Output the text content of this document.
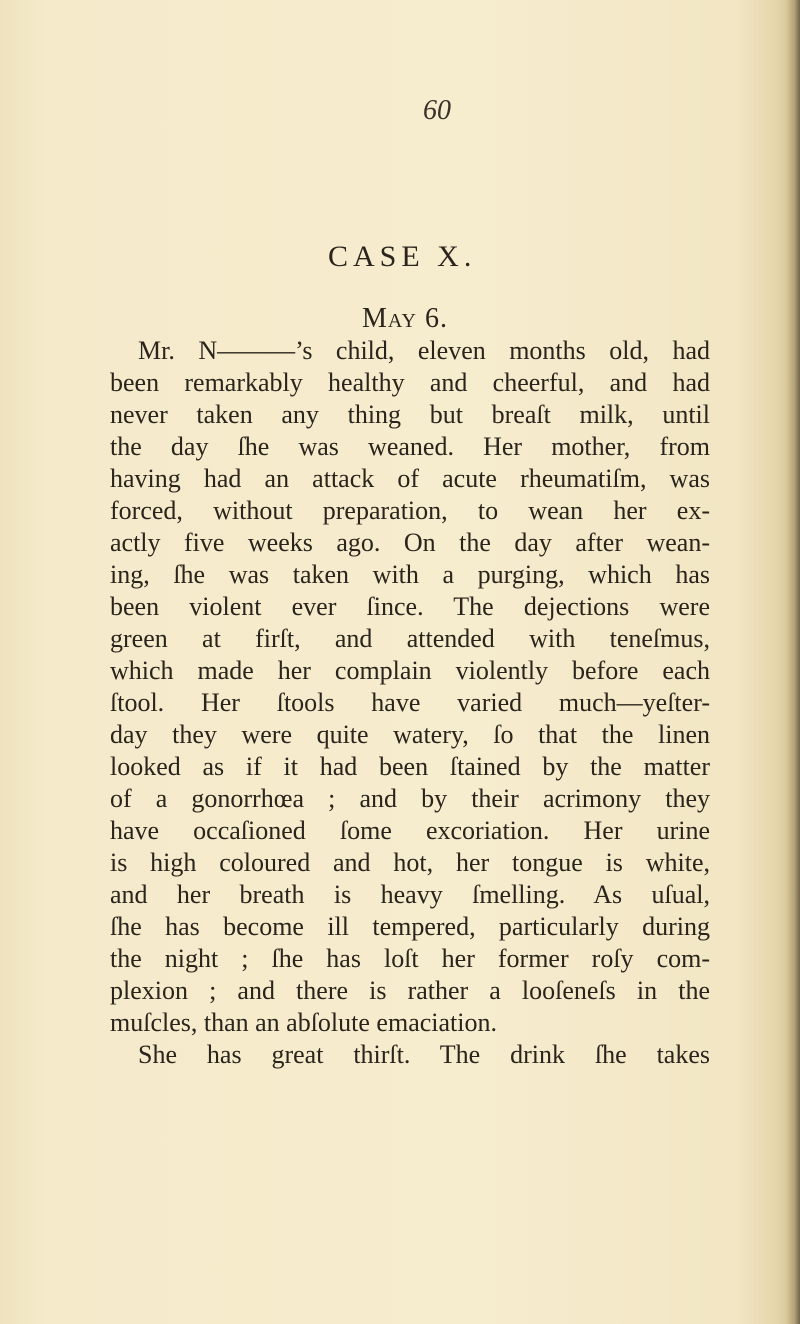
60
CASE X.
May 6.
Mr. N———’s child, eleven months old, had
been remarkably healthy and cheerful, and had
never taken any thing but breaſt milk, until
the day ſhe was weaned. Her mother, from
having had an attack of acute rheumatiſm, was
forced, without preparation, to wean her ex-
actly five weeks ago. On the day after wean-
ing, ſhe was taken with a purging, which has
been violent ever ſince. The dejections were
green at firſt, and attended with teneſmus,
which made her complain violently before each
ſtool. Her ſtools have varied much—yeſter-
day they were quite watery, ſo that the linen
looked as if it had been ſtained by the matter
of a gonorrhœa ; and by their acrimony they
have occaſioned ſome excoriation. Her urine
is high coloured and hot, her tongue is white,
and her breath is heavy ſmelling. As uſual,
ſhe has become ill tempered, particularly during
the night ; ſhe has loſt her former roſy com-
plexion ; and there is rather a looſeneſs in the
muſcles, than an abſolute emaciation.
She has great thirſt. The drink ſhe takes
